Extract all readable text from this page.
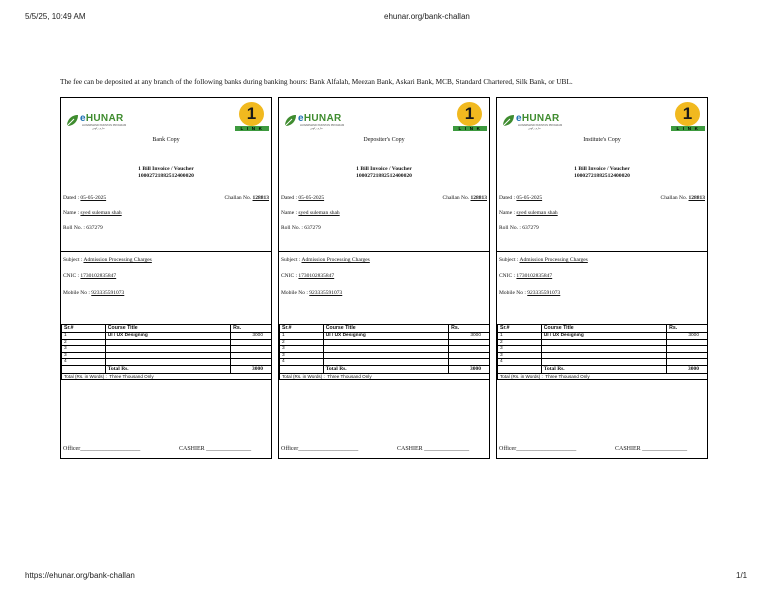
5/5/25, 10:49 AM	ehunar.org/bank-challan
The fee can be deposited at any branch of the following banks during banking hours: Bank Alfalah, Meezan Bank, Askari Bank, MCB, Standard Chartered, Silk Bank, or UBL.
eHUNAR
HUNARMAND PAKISTAN PROGRAM
جاری رکھیں
1
LINK
Bank Copy
1 Bill Invoice / Voucher
10002721882512400020
Dated : 05-05-2025	Challan No. 128813
Name : syed suleman shah
Roll No. : 637279
Subject : Admission Processing Charges
CNIC : 1730102835847
Mobile No : 923335591073
Sr.#	Course Title	Rs.
1	UI / UX Designing	3000
2		
3		
3		
4		
	Total Rs.	3000
Total (Rs. in Words) :  Three Thousand Only		
Officer____________________	CASHIER _______________
eHUNAR
HUNARMAND PAKISTAN PROGRAM
جاری رکھیں
1
LINK
Depositer's Copy
1 Bill Invoice / Voucher
10002721882512400020
Dated : 05-05-2025	Challan No. 128813
Name : syed suleman shah
Roll No. : 637279
Subject : Admission Processing Charges
CNIC : 1730102835847
Mobile No : 923335591073
Sr.#	Course Title	Rs.
1	UI / UX Designing	3000
2		
3		
3		
4		
	Total Rs.	3000
Total (Rs. in Words) :  Three Thousand Only		
Officer____________________	CASHIER _______________
eHUNAR
HUNARMAND PAKISTAN PROGRAM
جاری رکھیں
1
LINK
Institute's Copy
1 Bill Invoice / Voucher
10002721882512400020
Dated : 05-05-2025	Challan No. 128813
Name : syed suleman shah
Roll No. : 637279
Subject : Admission Processing Charges
CNIC : 1730102835847
Mobile No : 923335591073
Sr.#	Course Title	Rs.
1	UI / UX Designing	3000
2		
3		
3		
4		
	Total Rs.	3000
Total (Rs. in Words) :  Three Thousand Only		
Officer____________________	CASHIER _______________
https://ehunar.org/bank-challan	1/1
